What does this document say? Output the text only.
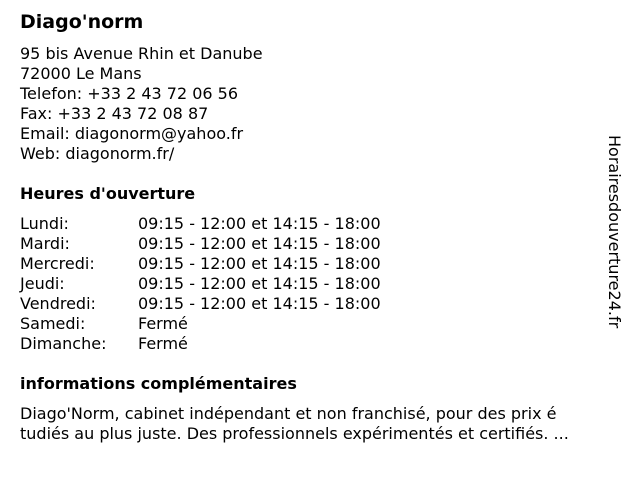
Diago'norm
95 bis Avenue Rhin et Danube
72000 Le Mans
Telefon: +33 2 43 72 06 56
Fax: +33 2 43 72 08 87
Email: diagonorm@yahoo.fr
Web: diagonorm.fr/
Heures d'ouverture
Lundi:	09:15 - 12:00 et 14:15 - 18:00
Mardi:	09:15 - 12:00 et 14:15 - 18:00
Mercredi:	09:15 - 12:00 et 14:15 - 18:00
Jeudi:	09:15 - 12:00 et 14:15 - 18:00
Vendredi:	09:15 - 12:00 et 14:15 - 18:00
Samedi:	Fermé
Dimanche: Fermé
informations complémentaires
Diago'Norm, cabinet indépendant et non franchisé, pour des prix é
tudiés au plus juste. Des professionnels expérimentés et certifiés. ...
Horairesdouverture24.fr
